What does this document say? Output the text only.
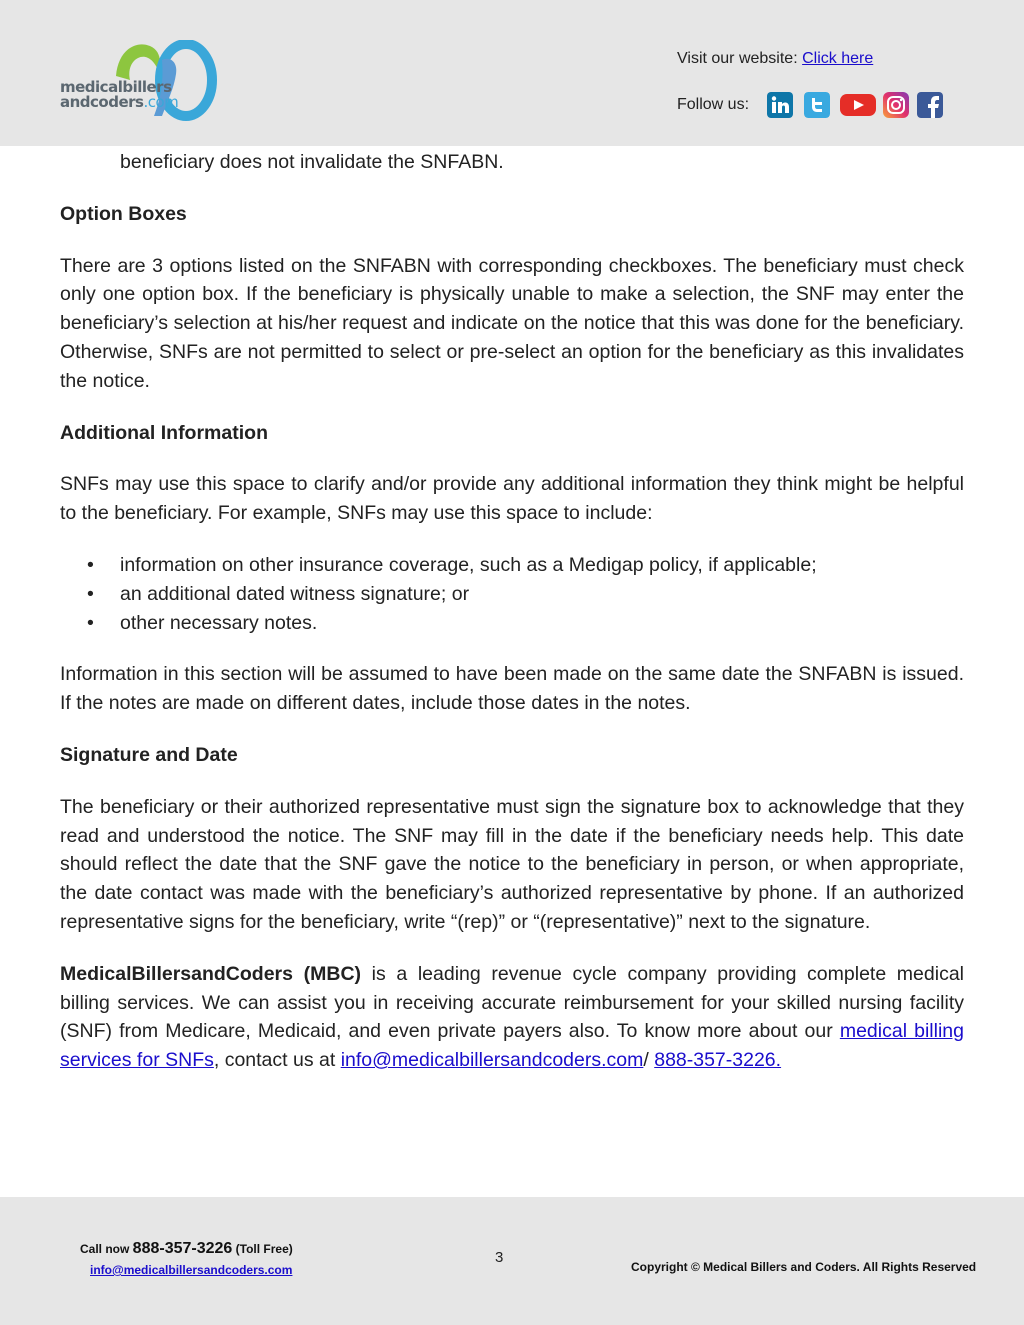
medicalbillers
andcoders.com
Visit our website: Click here
Follow us:

beneficiary does not invalidate the SNFABN.

Option Boxes

There are 3 options listed on the SNFABN with corresponding checkboxes. The beneficiary must check only one option box. If the beneficiary is physically unable to make a selection, the SNF may enter the beneficiary’s selection at his/her request and indicate on the notice that this was done for the beneficiary. Otherwise, SNFs are not permitted to select or pre-select an option for the beneficiary as this invalidates the notice.

Additional Information

SNFs may use this space to clarify and/or provide any additional information they think might be helpful to the beneficiary. For example, SNFs may use this space to include:

• information on other insurance coverage, such as a Medigap policy, if applicable;
• an additional dated witness signature; or
• other necessary notes.

Information in this section will be assumed to have been made on the same date the SNFABN is issued. If the notes are made on different dates, include those dates in the notes.

Signature and Date

The beneficiary or their authorized representative must sign the signature box to acknowledge that they read and understood the notice. The SNF may fill in the date if the beneficiary needs help. This date should reflect the date that the SNF gave the notice to the beneficiary in person, or when appropriate, the date contact was made with the beneficiary’s authorized representative by phone. If an authorized representative signs for the beneficiary, write “(rep)” or “(representative)” next to the signature.

MedicalBillersandCoders (MBC) is a leading revenue cycle company providing complete medical billing services. We can assist you in receiving accurate reimbursement for your skilled nursing facility (SNF) from Medicare, Medicaid, and even private payers also. To know more about our medical billing services for SNFs, contact us at info@medicalbillersandcoders.com/ 888-357-3226.

Call now 888-357-3226 (Toll Free)
info@medicalbillersandcoders.com
3
Copyright © Medical Billers and Coders. All Rights Reserved
